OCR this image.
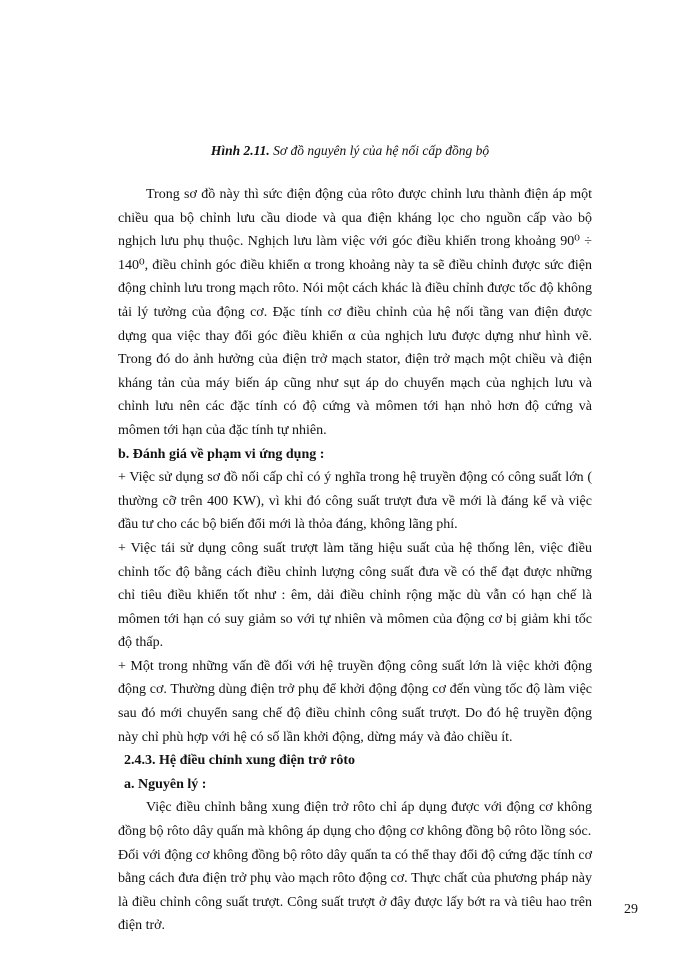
Hình 2.11. Sơ đồ nguyên lý của hệ nối cấp đồng bộ

Trong sơ đồ này thì sức điện động của rôto được chỉnh lưu thành điện áp một chiều qua bộ chỉnh lưu cầu diode và qua điện kháng lọc cho nguồn cấp vào bộ nghịch lưu phụ thuộc. Nghịch lưu làm việc với góc điều khiển trong khoảng 90⁰ ÷ 140⁰, điều chỉnh góc điều khiển α trong khoảng này ta sẽ điều chỉnh được sức điện động chỉnh lưu trong mạch rôto. Nói một cách khác là điều chỉnh được tốc độ không tải lý tưởng của động cơ. Đặc tính cơ điều chỉnh của hệ nối tầng van điện được dựng qua việc thay đổi góc điều khiển α của nghịch lưu được dựng như hình vẽ. Trong đó do ảnh hưởng của điện trở mạch stator, điện trở mạch một chiều và điện kháng tản của máy biến áp cũng như sụt áp do chuyển mạch của nghịch lưu và chỉnh lưu nên các đặc tính có độ cứng và mômen tới hạn nhỏ hơn độ cứng và mômen tới hạn của đặc tính tự nhiên.

b. Đánh giá về phạm vi ứng dụng :

+ Việc sử dụng sơ đồ nối cấp chỉ có ý nghĩa trong hệ truyền động có công suất lớn ( thường cỡ trên 400 KW), vì khi đó công suất trượt đưa về mới là đáng kể và việc đầu tư cho các bộ biến đổi mới là thỏa đáng, không lãng phí.

+ Việc tái sử dụng công suất trượt làm tăng hiệu suất của hệ thống lên, việc điều chỉnh tốc độ bằng cách điều chỉnh lượng công suất đưa về có thể đạt được những chỉ tiêu điều khiển tốt như : êm, dải điều chỉnh rộng mặc dù vẫn có hạn chế là mômen tới hạn có suy giảm so với tự nhiên và mômen của động cơ bị giảm khi tốc độ thấp.

+ Một trong những vấn đề đối với hệ truyền động công suất lớn là việc khởi động động cơ. Thường dùng điện trở phụ để khởi động động cơ đến vùng tốc độ làm việc sau đó mới chuyển sang chế độ điều chỉnh công suất trượt. Do đó hệ truyền động này chỉ phù hợp với hệ có số lần khởi động, dừng máy và đảo chiều ít.

2.4.3. Hệ điều chỉnh xung điện trở rôto

a. Nguyên lý :

Việc điều chỉnh bằng xung điện trở rôto chỉ áp dụng được với động cơ không đồng bộ rôto dây quấn mà không áp dụng cho động cơ không đồng bộ rôto lồng sóc.

Đối với động cơ không đồng bộ rôto dây quấn ta có thể thay đổi độ cứng đặc tính cơ bằng cách đưa điện trở phụ vào mạch rôto động cơ. Thực chất của phương pháp này là điều chỉnh công suất trượt. Công suất trượt ở đây được lấy bớt ra và tiêu hao trên điện trở.

29
